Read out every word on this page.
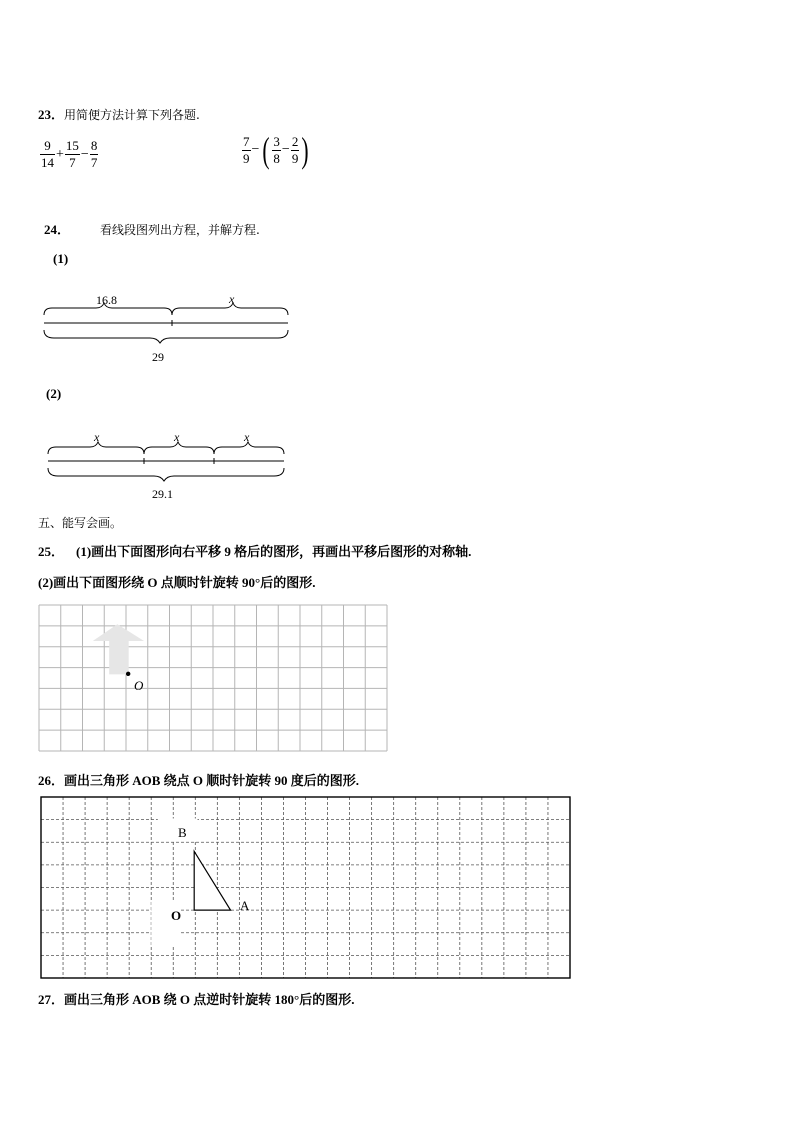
23．用简便方法计算下列各题.
$\frac{9}{14} + \frac{15}{7} - \frac{8}{7}$	$\frac{7}{9}$ −( $\frac{3}{8} - \frac{2}{9}$ )
24．	看线段图列出方程，并解方程.
(1)
16.8	x
29
(2)
x	x	x
29.1
五、能写会画。
25． (1)画出下面图形向右平移 9 格后的图形，再画出平移后图形的对称轴.
(2)画出下面图形绕 O 点顺时针旋转 90°后的图形.
O
26．画出三角形 AOB 绕点 O 顺时针旋转 90 度后的图形.
B
A
O
27．画出三角形 AOB 绕 O 点逆时针旋转 180°后的图形.
